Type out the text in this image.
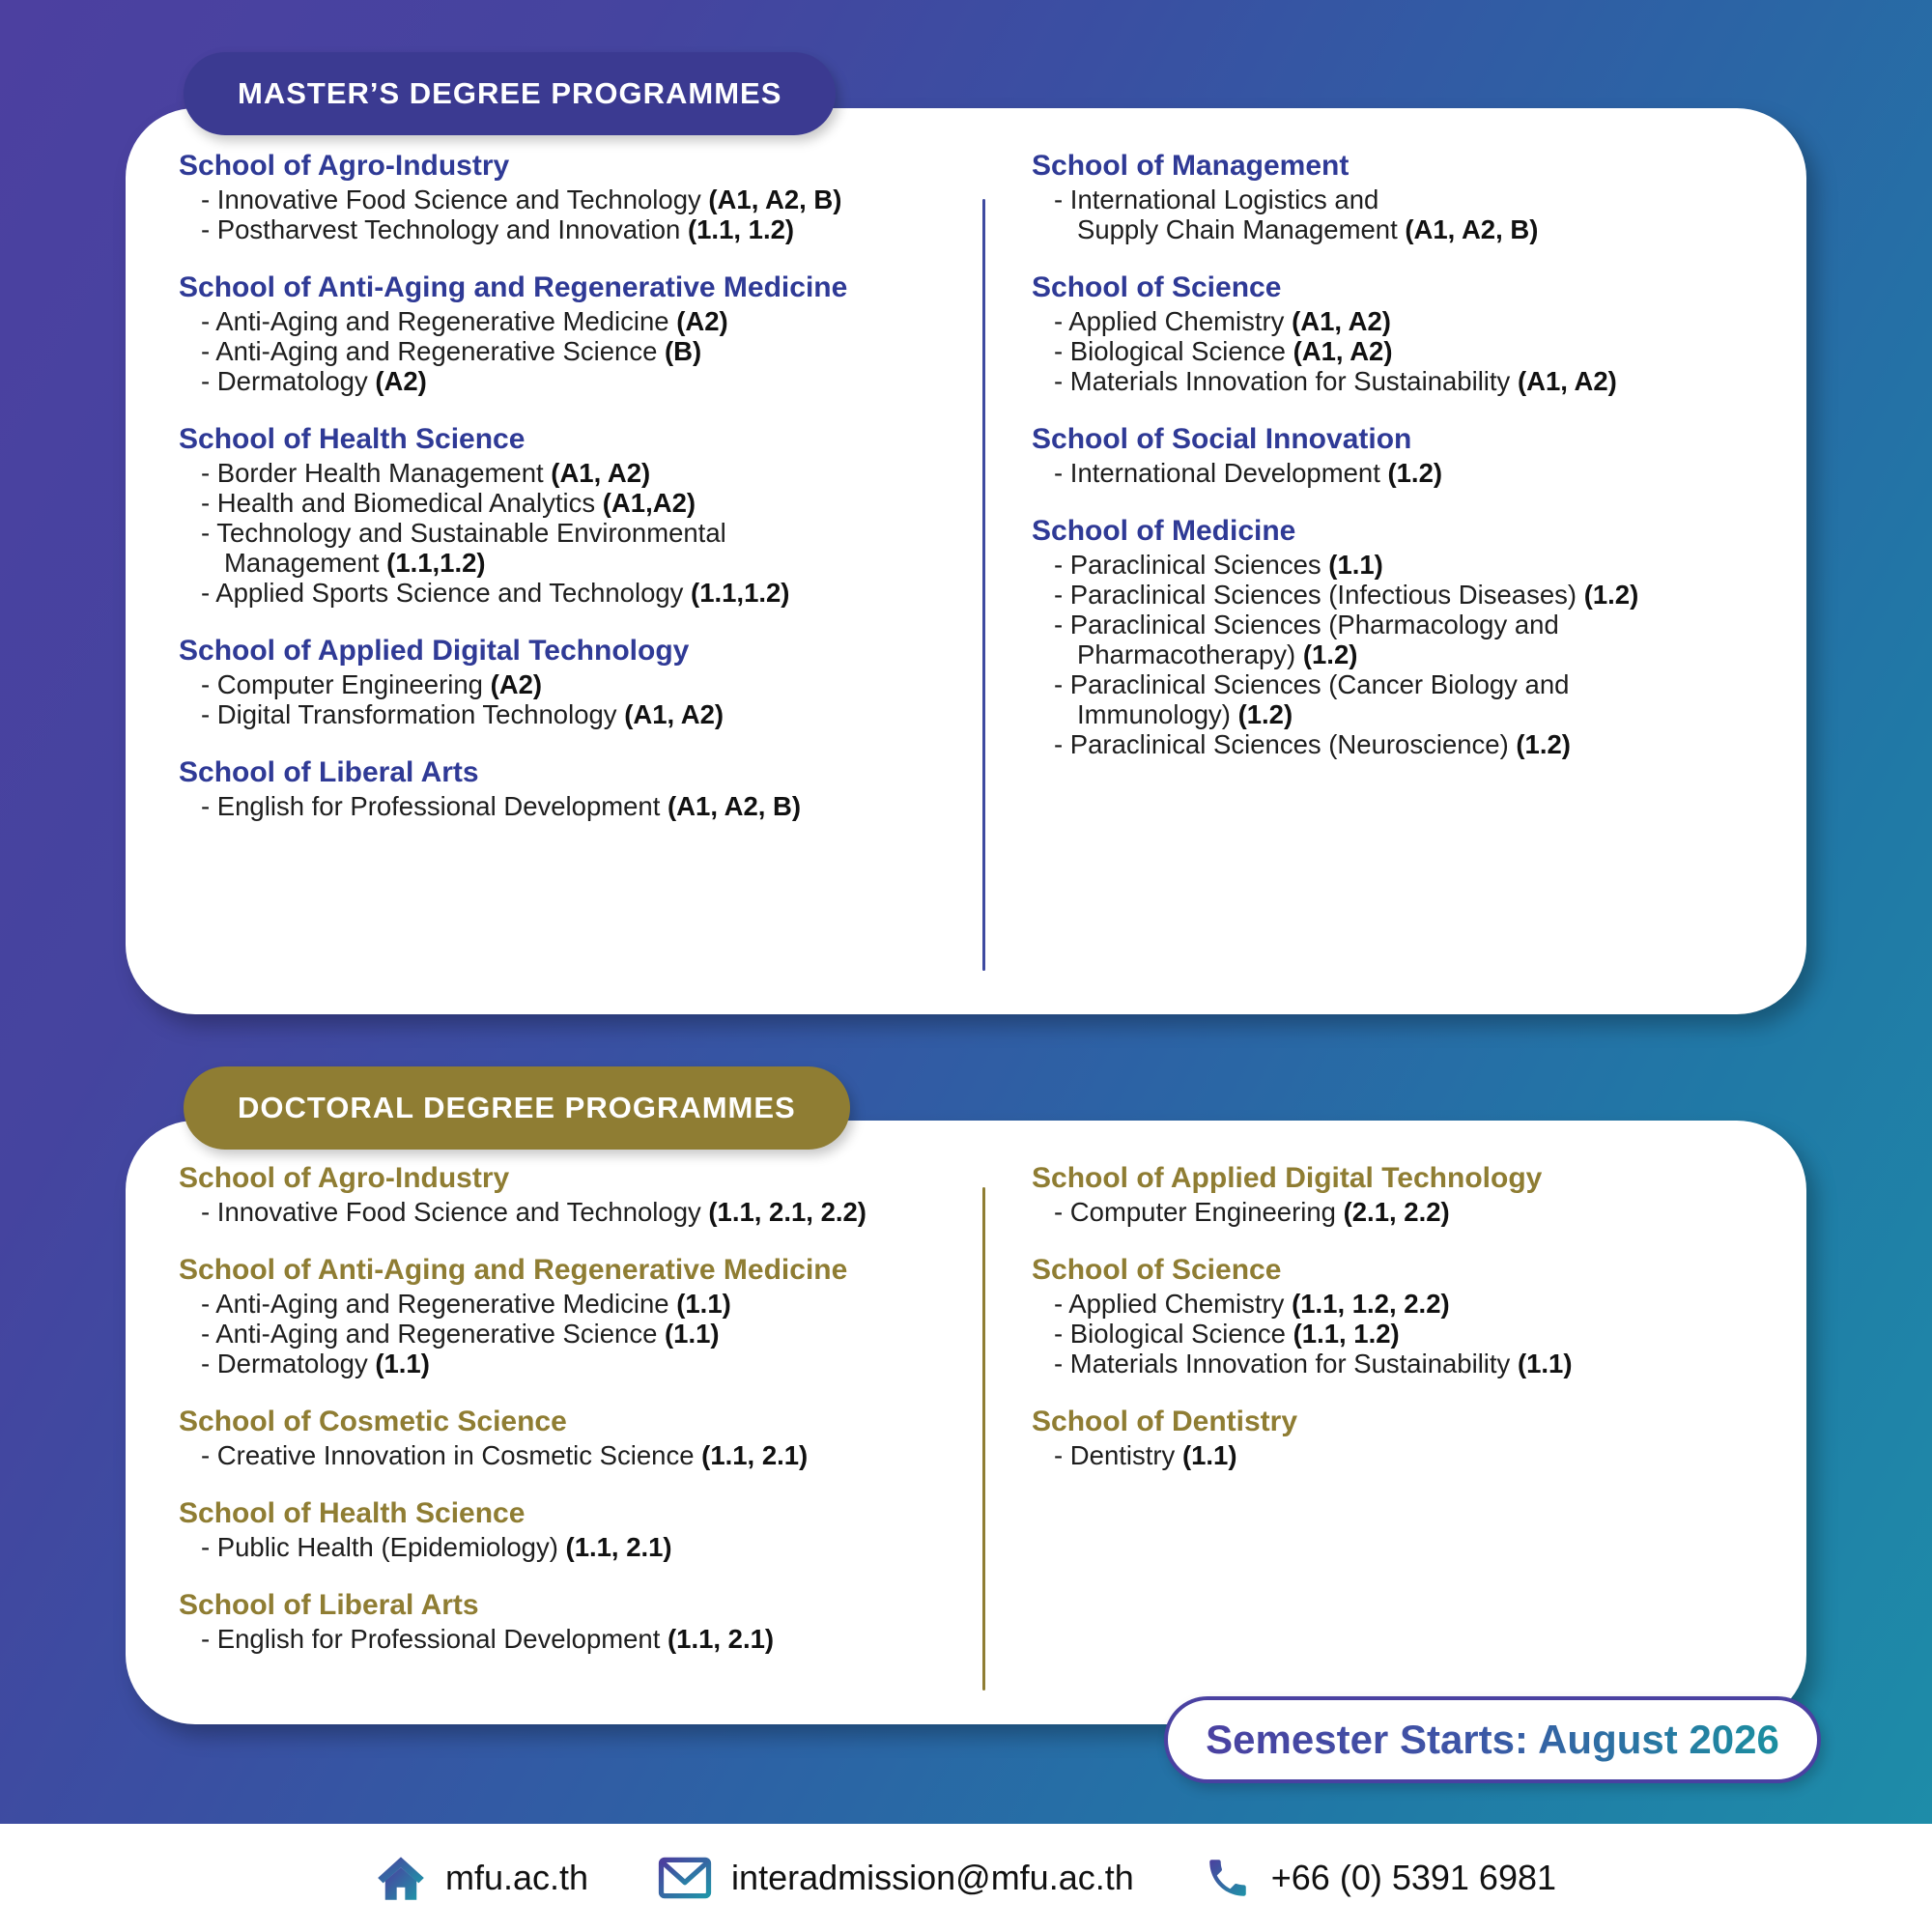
MASTER’S DEGREE PROGRAMMES
School of Agro-Industry
- Innovative Food Science and Technology (A1, A2, B)
- Postharvest Technology and Innovation (1.1, 1.2)
School of Anti-Aging and Regenerative Medicine
- Anti-Aging and Regenerative Medicine (A2)
- Anti-Aging and Regenerative Science (B)
- Dermatology (A2)
School of Health Science
- Border Health Management (A1, A2)
- Health and Biomedical Analytics (A1,A2)
- Technology and Sustainable Environmental
Management (1.1,1.2)
- Applied Sports Science and Technology (1.1,1.2)
School of Applied Digital Technology
- Computer Engineering (A2)
- Digital Transformation Technology (A1, A2)
School of Liberal Arts
- English for Professional Development (A1, A2, B)
School of Management
- International Logistics and
Supply Chain Management (A1, A2, B)
School of Science
- Applied Chemistry (A1, A2)
- Biological Science (A1, A2)
- Materials Innovation for Sustainability (A1, A2)
School of Social Innovation
- International Development (1.2)
School of Medicine
- Paraclinical Sciences (1.1)
- Paraclinical Sciences (Infectious Diseases) (1.2)
- Paraclinical Sciences (Pharmacology and
Pharmacotherapy) (1.2)
- Paraclinical Sciences (Cancer Biology and
Immunology) (1.2)
- Paraclinical Sciences (Neuroscience) (1.2)
DOCTORAL DEGREE PROGRAMMES
School of Agro-Industry
- Innovative Food Science and Technology (1.1, 2.1, 2.2)
School of Anti-Aging and Regenerative Medicine
- Anti-Aging and Regenerative Medicine (1.1)
- Anti-Aging and Regenerative Science (1.1)
- Dermatology (1.1)
School of Cosmetic Science
- Creative Innovation in Cosmetic Science (1.1, 2.1)
School of Health Science
- Public Health (Epidemiology) (1.1, 2.1)
School of Liberal Arts
- English for Professional Development (1.1, 2.1)
School of Applied Digital Technology
- Computer Engineering (2.1, 2.2)
School of Science
- Applied Chemistry (1.1, 1.2, 2.2)
- Biological Science (1.1, 1.2)
- Materials Innovation for Sustainability (1.1)
School of Dentistry
- Dentistry (1.1)
Semester Starts: August 2026
mfu.ac.th	interadmission@mfu.ac.th	+66 (0) 5391 6981
